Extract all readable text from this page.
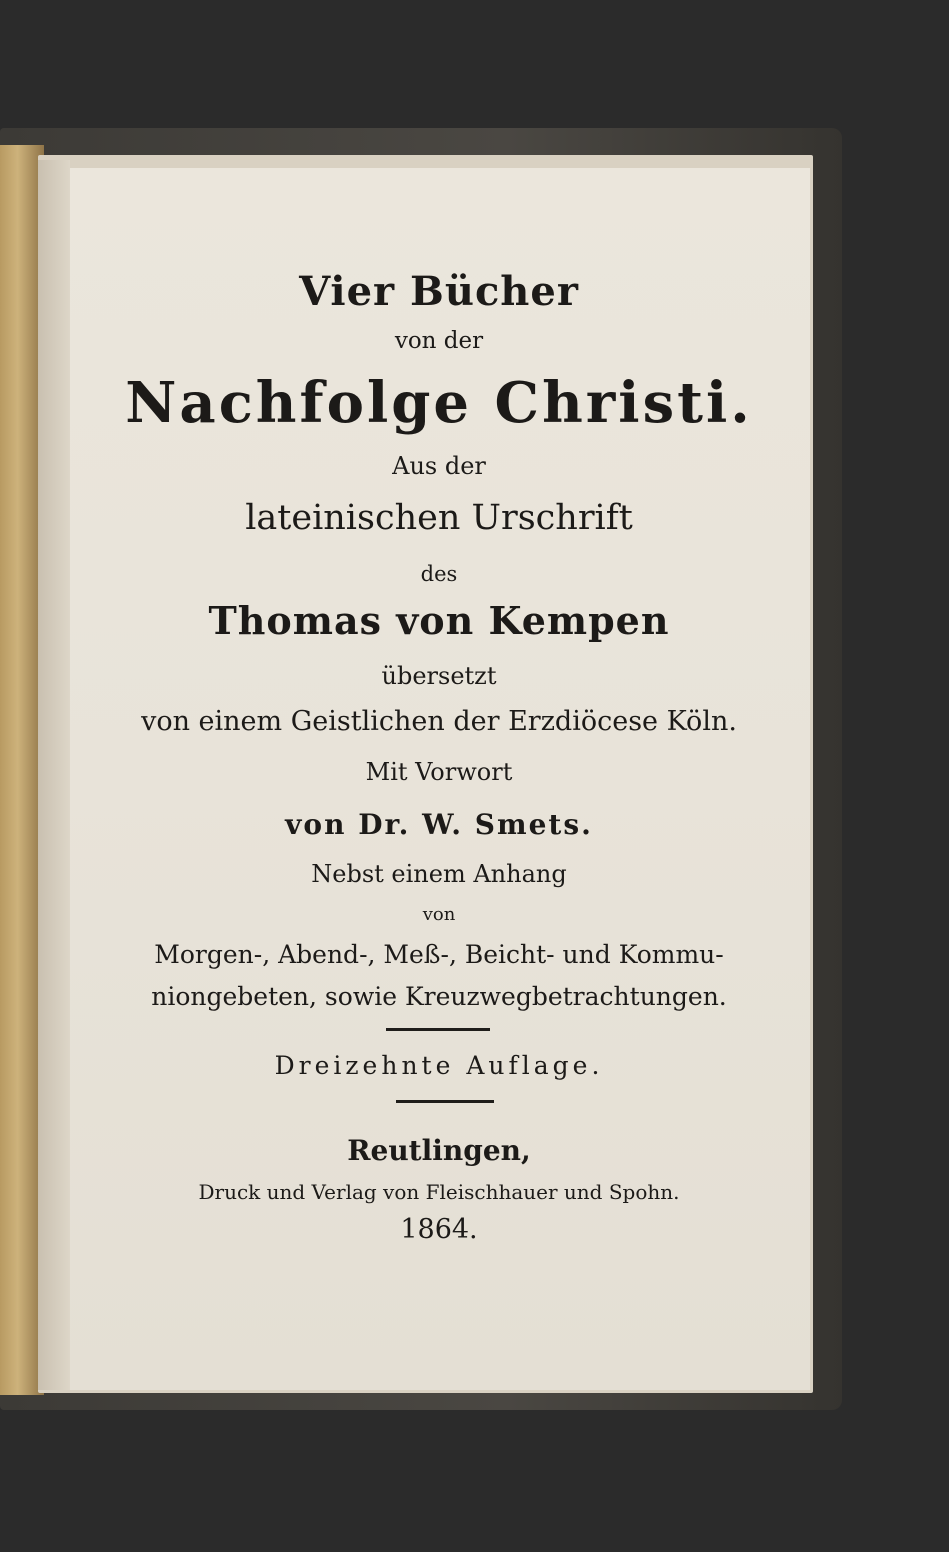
Vier Bücher
von der
Nachfolge Christi.
Aus der
lateinischen Urschrift
des
Thomas von Kempen
übersetzt
von einem Geistlichen der Erzdiöcese Köln.
Mit Vorwort
von Dr. W. Smets.
Nebst einem Anhang
von
Morgen-, Abend-, Meß-, Beicht- und Kommu-
niongebeten, sowie Kreuzwegbetrachtungen.
Dreizehnte Auflage.
Reutlingen,
Druck und Verlag von Fleischhauer und Spohn.
1864.
